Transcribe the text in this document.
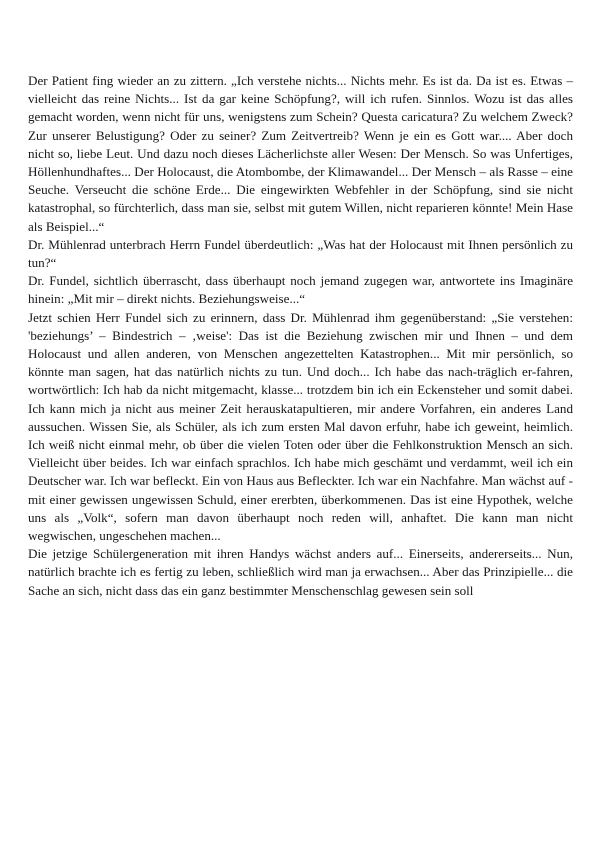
Der Patient fing wieder an zu zittern. „Ich verstehe nichts... Nichts mehr. Es ist da. Da ist es. Etwas – vielleicht das reine Nichts... Ist da gar keine Schöpfung?, will ich rufen. Sinnlos. Wozu ist das alles gemacht worden, wenn nicht für uns, wenigstens zum Schein? Questa caricatura? Zu welchem Zweck? Zur unserer Belustigung? Oder zu seiner? Zum Zeitvertreib? Wenn je ein es Gott war.... Aber doch nicht so, liebe Leut. Und dazu noch dieses Lächerlichste aller Wesen: Der Mensch. So was Unfertiges, Höllenhundhaftes... Der Holocaust, die Atombombe, der Klimawandel... Der Mensch – als Rasse – eine Seuche. Verseucht die schöne Erde... Die eingewirkten Webfehler in der Schöpfung, sind sie nicht katastrophal, so fürchterlich, dass man sie, selbst mit gutem Willen, nicht reparieren könnte! Mein Hase als Beispiel...“

Dr. Mühlenrad unterbrach Herrn Fundel überdeutlich: „Was hat der Holocaust mit Ihnen persönlich zu tun?“

Dr. Fundel, sichtlich überrascht, dass überhaupt noch jemand zugegen war, antwortete ins Imaginäre hinein: „Mit mir – direkt nichts. Beziehungsweise...“

Jetzt schien Herr Fundel sich zu erinnern, dass Dr. Mühlenrad ihm gegenüberstand: „Sie verstehen: 'beziehungs’ – Bindestrich – ‚weise': Das ist die Beziehung zwischen mir und Ihnen – und dem Holocaust und allen anderen, von Menschen angezettelten Katastrophen... Mit mir persönlich, so könnte man sagen, hat das natürlich nichts zu tun. Und doch... Ich habe das nach-träglich er-fahren, wortwörtlich: Ich hab da nicht mitgemacht, klasse... trotzdem bin ich ein Eckensteher und somit dabei. Ich kann mich ja nicht aus meiner Zeit herauskatapultieren, mir andere Vorfahren, ein anderes Land aussuchen. Wissen Sie, als Schüler, als ich zum ersten Mal davon erfuhr, habe ich geweint, heimlich. Ich weiß nicht einmal mehr, ob über die vielen Toten oder über die Fehlkonstruktion Mensch an sich. Vielleicht über beides. Ich war einfach sprachlos. Ich habe mich geschämt und verdammt, weil ich ein Deutscher war. Ich war befleckt. Ein von Haus aus Befleckter. Ich war ein Nachfahre. Man wächst auf - mit einer gewissen ungewissen Schuld, einer ererbten, überkommenen. Das ist eine Hypothek, welche uns als „Volk“, sofern man davon überhaupt noch reden will, anhaftet. Die kann man nicht wegwischen, ungeschehen machen...

Die jetzige Schülergeneration mit ihren Handys wächst anders auf... Einerseits, andererseits... Nun, natürlich brachte ich es fertig zu leben, schließlich wird man ja erwachsen... Aber das Prinzipielle... die Sache an sich, nicht dass das ein ganz bestimmter Menschenschlag gewesen sein soll
